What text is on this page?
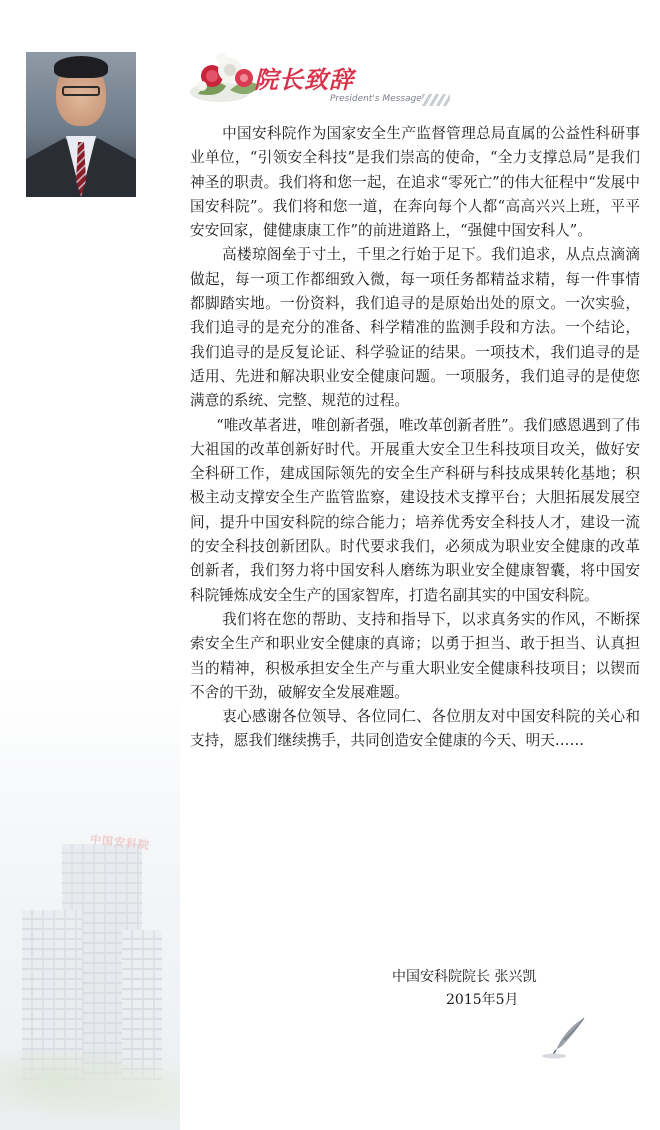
中国安科院
院长致辞
President's Message

中国安科院作为国家安全生产监督管理总局直属的公益性科研事业单位，“引领安全科技”是我们崇高的使命，“全力支撑总局”是我们神圣的职责。我们将和您一起，在追求“零死亡”的伟大征程中“发展中国安科院”。我们将和您一道，在奔向每个人都“高高兴兴上班，平平安安回家，健健康康工作”的前进道路上，“强健中国安科人”。

高楼琼阁垒于寸土，千里之行始于足下。我们追求，从点点滴滴做起，每一项工作都细致入微，每一项任务都精益求精，每一件事情都脚踏实地。一份资料，我们追寻的是原始出处的原文。一次实验，我们追寻的是充分的准备、科学精准的监测手段和方法。一个结论，我们追寻的是反复论证、科学验证的结果。一项技术，我们追寻的是适用、先进和解决职业安全健康问题。一项服务，我们追寻的是使您满意的系统、完整、规范的过程。

“唯改革者进，唯创新者强，唯改革创新者胜”。我们感恩遇到了伟大祖国的改革创新好时代。开展重大安全卫生科技项目攻关，做好安全科研工作，建成国际领先的安全生产科研与科技成果转化基地；积极主动支撑安全生产监管监察，建设技术支撑平台；大胆拓展发展空间，提升中国安科院的综合能力；培养优秀安全科技人才，建设一流的安全科技创新团队。时代要求我们，必须成为职业安全健康的改革创新者，我们努力将中国安科人磨练为职业安全健康智囊，将中国安科院锤炼成安全生产的国家智库，打造名副其实的中国安科院。

我们将在您的帮助、支持和指导下，以求真务实的作风，不断探索安全生产和职业安全健康的真谛；以勇于担当、敢于担当、认真担当的精神，积极承担安全生产与重大职业安全健康科技项目；以锲而不舍的干劲，破解安全发展难题。

衷心感谢各位领导、各位同仁、各位朋友对中国安科院的关心和支持，愿我们继续携手，共同创造安全健康的今天、明天……

中国安科院院长 张兴凯
2015年5月
